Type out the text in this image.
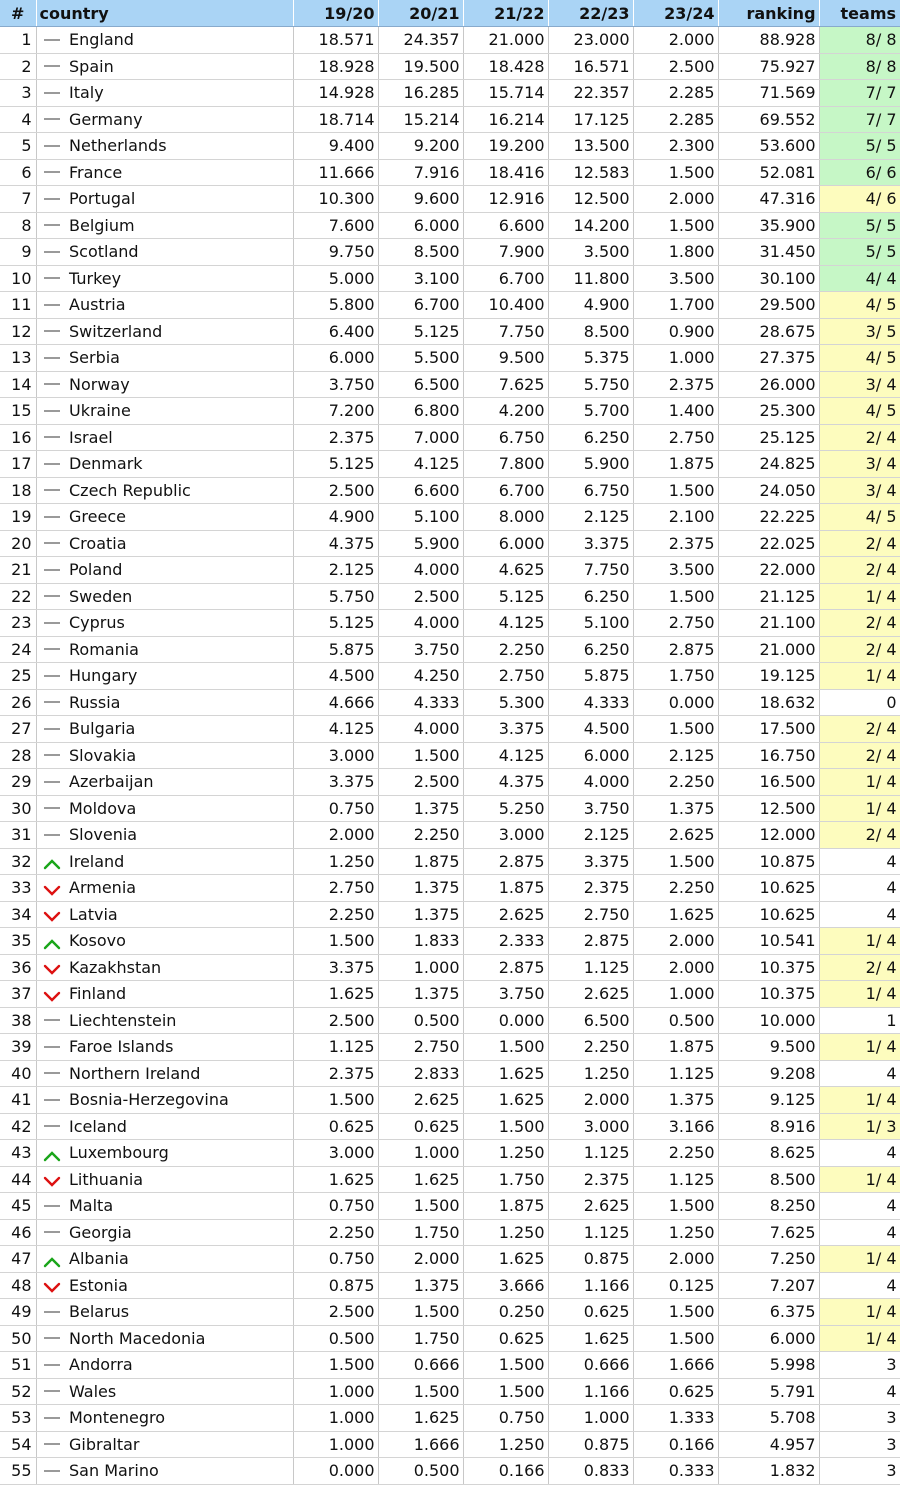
#	country		19/20	20/21	21/22	22/23	23/24	ranking	teams
1		England	18.571	24.357	21.000	23.000	2.000	88.928	8/ 8
2		Spain	18.928	19.500	18.428	16.571	2.500	75.927	8/ 8
3		Italy	14.928	16.285	15.714	22.357	2.285	71.569	7/ 7
4		Germany	18.714	15.214	16.214	17.125	2.285	69.552	7/ 7
5		Netherlands	9.400	9.200	19.200	13.500	2.300	53.600	5/ 5
6		France	11.666	7.916	18.416	12.583	1.500	52.081	6/ 6
7		Portugal	10.300	9.600	12.916	12.500	2.000	47.316	4/ 6
8		Belgium	7.600	6.000	6.600	14.200	1.500	35.900	5/ 5
9		Scotland	9.750	8.500	7.900	3.500	1.800	31.450	5/ 5
10		Turkey	5.000	3.100	6.700	11.800	3.500	30.100	4/ 4
11		Austria	5.800	6.700	10.400	4.900	1.700	29.500	4/ 5
12		Switzerland	6.400	5.125	7.750	8.500	0.900	28.675	3/ 5
13		Serbia	6.000	5.500	9.500	5.375	1.000	27.375	4/ 5
14		Norway	3.750	6.500	7.625	5.750	2.375	26.000	3/ 4
15		Ukraine	7.200	6.800	4.200	5.700	1.400	25.300	4/ 5
16		Israel	2.375	7.000	6.750	6.250	2.750	25.125	2/ 4
17		Denmark	5.125	4.125	7.800	5.900	1.875	24.825	3/ 4
18		Czech Republic	2.500	6.600	6.700	6.750	1.500	24.050	3/ 4
19		Greece	4.900	5.100	8.000	2.125	2.100	22.225	4/ 5
20		Croatia	4.375	5.900	6.000	3.375	2.375	22.025	2/ 4
21		Poland	2.125	4.000	4.625	7.750	3.500	22.000	2/ 4
22		Sweden	5.750	2.500	5.125	6.250	1.500	21.125	1/ 4
23		Cyprus	5.125	4.000	4.125	5.100	2.750	21.100	2/ 4
24		Romania	5.875	3.750	2.250	6.250	2.875	21.000	2/ 4
25		Hungary	4.500	4.250	2.750	5.875	1.750	19.125	1/ 4
26		Russia	4.666	4.333	5.300	4.333	0.000	18.632	0
27		Bulgaria	4.125	4.000	3.375	4.500	1.500	17.500	2/ 4
28		Slovakia	3.000	1.500	4.125	6.000	2.125	16.750	2/ 4
29		Azerbaijan	3.375	2.500	4.375	4.000	2.250	16.500	1/ 4
30		Moldova	0.750	1.375	5.250	3.750	1.375	12.500	1/ 4
31		Slovenia	2.000	2.250	3.000	2.125	2.625	12.000	2/ 4
32		Ireland	1.250	1.875	2.875	3.375	1.500	10.875	4
33		Armenia	2.750	1.375	1.875	2.375	2.250	10.625	4
34		Latvia	2.250	1.375	2.625	2.750	1.625	10.625	4
35		Kosovo	1.500	1.833	2.333	2.875	2.000	10.541	1/ 4
36		Kazakhstan	3.375	1.000	2.875	1.125	2.000	10.375	2/ 4
37		Finland	1.625	1.375	3.750	2.625	1.000	10.375	1/ 4
38		Liechtenstein	2.500	0.500	0.000	6.500	0.500	10.000	1
39		Faroe Islands	1.125	2.750	1.500	2.250	1.875	9.500	1/ 4
40		Northern Ireland	2.375	2.833	1.625	1.250	1.125	9.208	4
41		Bosnia-Herzegovina	1.500	2.625	1.625	2.000	1.375	9.125	1/ 4
42		Iceland	0.625	0.625	1.500	3.000	3.166	8.916	1/ 3
43		Luxembourg	3.000	1.000	1.250	1.125	2.250	8.625	4
44		Lithuania	1.625	1.625	1.750	2.375	1.125	8.500	1/ 4
45		Malta	0.750	1.500	1.875	2.625	1.500	8.250	4
46		Georgia	2.250	1.750	1.250	1.125	1.250	7.625	4
47		Albania	0.750	2.000	1.625	0.875	2.000	7.250	1/ 4
48		Estonia	0.875	1.375	3.666	1.166	0.125	7.207	4
49		Belarus	2.500	1.500	0.250	0.625	1.500	6.375	1/ 4
50		North Macedonia	0.500	1.750	0.625	1.625	1.500	6.000	1/ 4
51		Andorra	1.500	0.666	1.500	0.666	1.666	5.998	3
52		Wales	1.000	1.500	1.500	1.166	0.625	5.791	4
53		Montenegro	1.000	1.625	0.750	1.000	1.333	5.708	3
54		Gibraltar	1.000	1.666	1.250	0.875	0.166	4.957	3
55		San Marino	0.000	0.500	0.166	0.833	0.333	1.832	3
